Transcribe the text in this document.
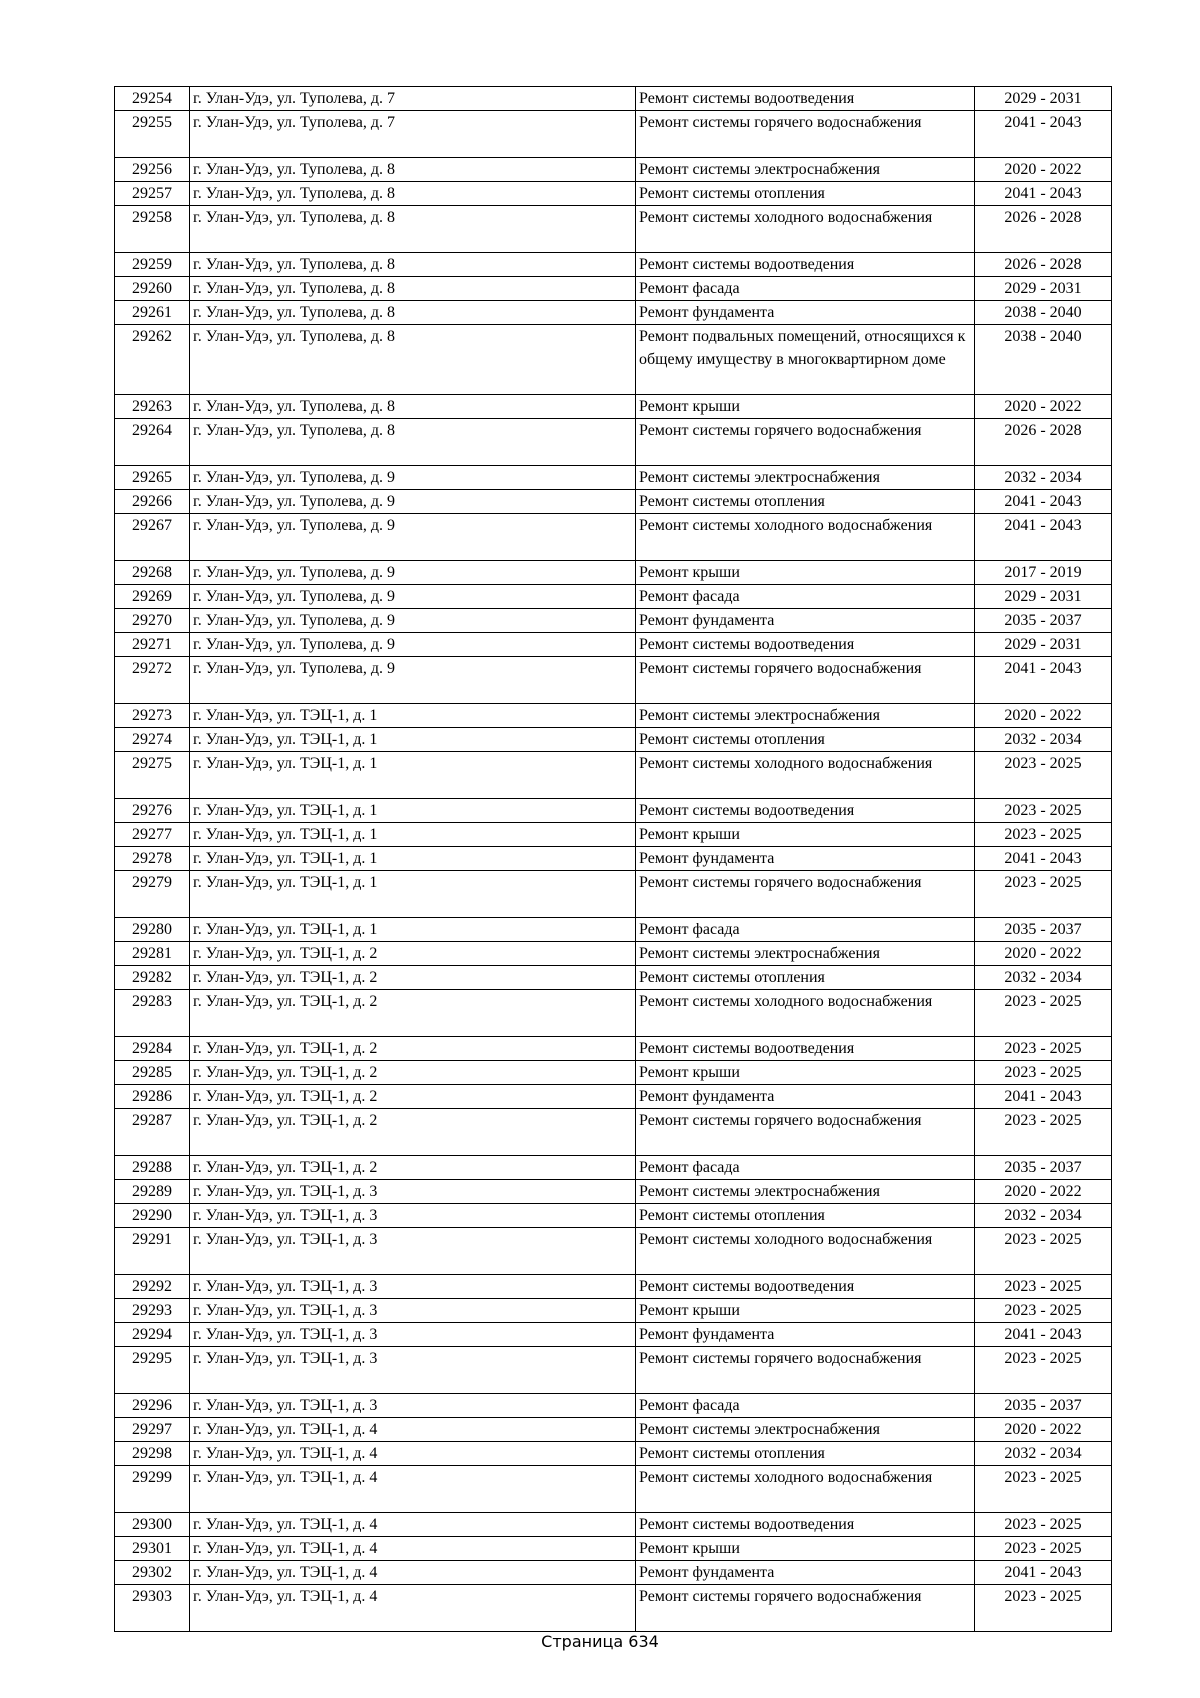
29254	г. Улан-Удэ, ул. Туполева, д. 7	Ремонт системы водоотведения	2029 - 2031
29255	г. Улан-Удэ, ул. Туполева, д. 7	Ремонт системы горячего водоснабжения	2041 - 2043
29256	г. Улан-Удэ, ул. Туполева, д. 8	Ремонт системы электроснабжения	2020 - 2022
29257	г. Улан-Удэ, ул. Туполева, д. 8	Ремонт системы отопления	2041 - 2043
29258	г. Улан-Удэ, ул. Туполева, д. 8	Ремонт системы холодного водоснабжения	2026 - 2028
29259	г. Улан-Удэ, ул. Туполева, д. 8	Ремонт системы водоотведения	2026 - 2028
29260	г. Улан-Удэ, ул. Туполева, д. 8	Ремонт фасада	2029 - 2031
29261	г. Улан-Удэ, ул. Туполева, д. 8	Ремонт фундамента	2038 - 2040
29262	г. Улан-Удэ, ул. Туполева, д. 8	Ремонт подвальных помещений, относящихся к общему имуществу в многоквартирном доме	2038 - 2040
29263	г. Улан-Удэ, ул. Туполева, д. 8	Ремонт крыши	2020 - 2022
29264	г. Улан-Удэ, ул. Туполева, д. 8	Ремонт системы горячего водоснабжения	2026 - 2028
29265	г. Улан-Удэ, ул. Туполева, д. 9	Ремонт системы электроснабжения	2032 - 2034
29266	г. Улан-Удэ, ул. Туполева, д. 9	Ремонт системы отопления	2041 - 2043
29267	г. Улан-Удэ, ул. Туполева, д. 9	Ремонт системы холодного водоснабжения	2041 - 2043
29268	г. Улан-Удэ, ул. Туполева, д. 9	Ремонт крыши	2017 - 2019
29269	г. Улан-Удэ, ул. Туполева, д. 9	Ремонт фасада	2029 - 2031
29270	г. Улан-Удэ, ул. Туполева, д. 9	Ремонт фундамента	2035 - 2037
29271	г. Улан-Удэ, ул. Туполева, д. 9	Ремонт системы водоотведения	2029 - 2031
29272	г. Улан-Удэ, ул. Туполева, д. 9	Ремонт системы горячего водоснабжения	2041 - 2043
29273	г. Улан-Удэ, ул. ТЭЦ-1, д. 1	Ремонт системы электроснабжения	2020 - 2022
29274	г. Улан-Удэ, ул. ТЭЦ-1, д. 1	Ремонт системы отопления	2032 - 2034
29275	г. Улан-Удэ, ул. ТЭЦ-1, д. 1	Ремонт системы холодного водоснабжения	2023 - 2025
29276	г. Улан-Удэ, ул. ТЭЦ-1, д. 1	Ремонт системы водоотведения	2023 - 2025
29277	г. Улан-Удэ, ул. ТЭЦ-1, д. 1	Ремонт крыши	2023 - 2025
29278	г. Улан-Удэ, ул. ТЭЦ-1, д. 1	Ремонт фундамента	2041 - 2043
29279	г. Улан-Удэ, ул. ТЭЦ-1, д. 1	Ремонт системы горячего водоснабжения	2023 - 2025
29280	г. Улан-Удэ, ул. ТЭЦ-1, д. 1	Ремонт фасада	2035 - 2037
29281	г. Улан-Удэ, ул. ТЭЦ-1, д. 2	Ремонт системы электроснабжения	2020 - 2022
29282	г. Улан-Удэ, ул. ТЭЦ-1, д. 2	Ремонт системы отопления	2032 - 2034
29283	г. Улан-Удэ, ул. ТЭЦ-1, д. 2	Ремонт системы холодного водоснабжения	2023 - 2025
29284	г. Улан-Удэ, ул. ТЭЦ-1, д. 2	Ремонт системы водоотведения	2023 - 2025
29285	г. Улан-Удэ, ул. ТЭЦ-1, д. 2	Ремонт крыши	2023 - 2025
29286	г. Улан-Удэ, ул. ТЭЦ-1, д. 2	Ремонт фундамента	2041 - 2043
29287	г. Улан-Удэ, ул. ТЭЦ-1, д. 2	Ремонт системы горячего водоснабжения	2023 - 2025
29288	г. Улан-Удэ, ул. ТЭЦ-1, д. 2	Ремонт фасада	2035 - 2037
29289	г. Улан-Удэ, ул. ТЭЦ-1, д. 3	Ремонт системы электроснабжения	2020 - 2022
29290	г. Улан-Удэ, ул. ТЭЦ-1, д. 3	Ремонт системы отопления	2032 - 2034
29291	г. Улан-Удэ, ул. ТЭЦ-1, д. 3	Ремонт системы холодного водоснабжения	2023 - 2025
29292	г. Улан-Удэ, ул. ТЭЦ-1, д. 3	Ремонт системы водоотведения	2023 - 2025
29293	г. Улан-Удэ, ул. ТЭЦ-1, д. 3	Ремонт крыши	2023 - 2025
29294	г. Улан-Удэ, ул. ТЭЦ-1, д. 3	Ремонт фундамента	2041 - 2043
29295	г. Улан-Удэ, ул. ТЭЦ-1, д. 3	Ремонт системы горячего водоснабжения	2023 - 2025
29296	г. Улан-Удэ, ул. ТЭЦ-1, д. 3	Ремонт фасада	2035 - 2037
29297	г. Улан-Удэ, ул. ТЭЦ-1, д. 4	Ремонт системы электроснабжения	2020 - 2022
29298	г. Улан-Удэ, ул. ТЭЦ-1, д. 4	Ремонт системы отопления	2032 - 2034
29299	г. Улан-Удэ, ул. ТЭЦ-1, д. 4	Ремонт системы холодного водоснабжения	2023 - 2025
29300	г. Улан-Удэ, ул. ТЭЦ-1, д. 4	Ремонт системы водоотведения	2023 - 2025
29301	г. Улан-Удэ, ул. ТЭЦ-1, д. 4	Ремонт крыши	2023 - 2025
29302	г. Улан-Удэ, ул. ТЭЦ-1, д. 4	Ремонт фундамента	2041 - 2043
29303	г. Улан-Удэ, ул. ТЭЦ-1, д. 4	Ремонт системы горячего водоснабжения	2023 - 2025
Страница 634
